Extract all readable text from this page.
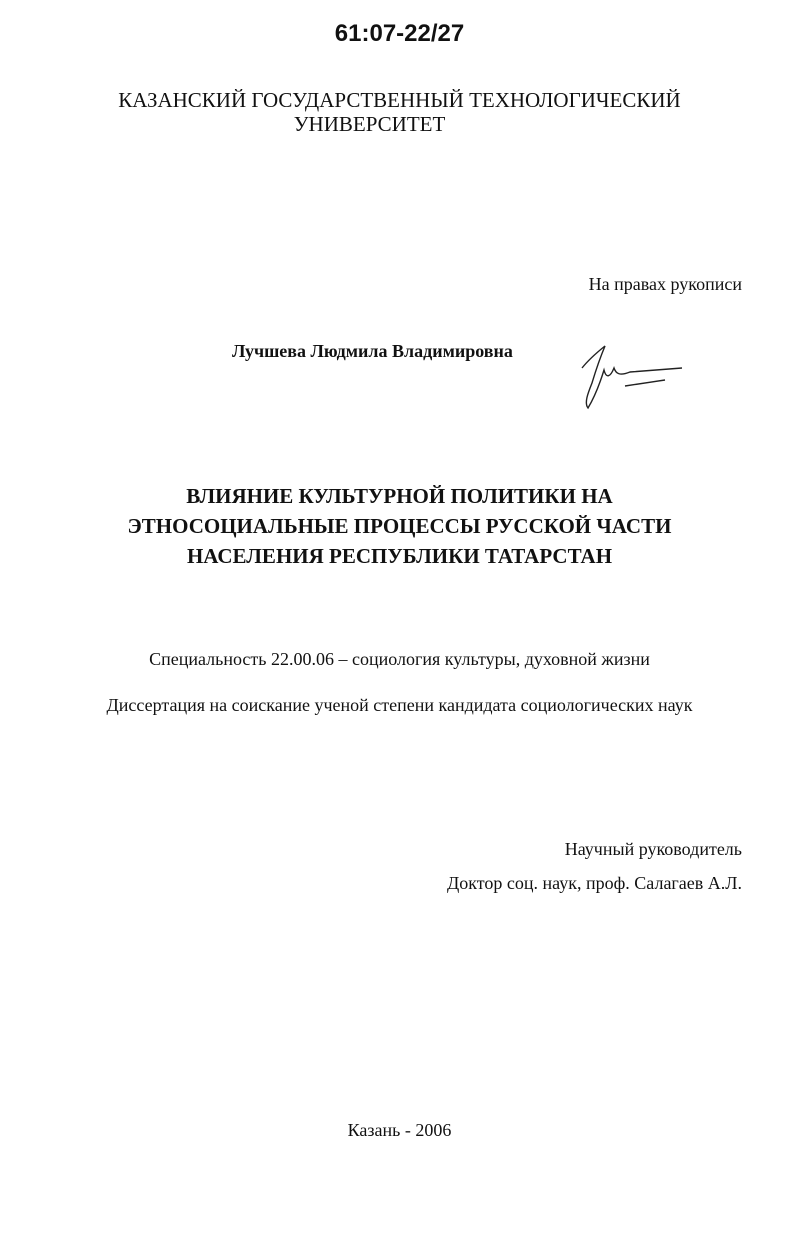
61:07-22/27
КАЗАНСКИЙ ГОСУДАРСТВЕННЫЙ ТЕХНОЛОГИЧЕСКИЙ
УНИВЕРСИТЕТ
На правах рукописи
Лучшева Людмила Владимировна
ВЛИЯНИЕ КУЛЬТУРНОЙ ПОЛИТИКИ НА
ЭТНОСОЦИАЛЬНЫЕ ПРОЦЕССЫ РУССКОЙ ЧАСТИ
НАСЕЛЕНИЯ РЕСПУБЛИКИ ТАТАРСТАН
Специальность 22.00.06 – социология культуры, духовной жизни
Диссертация на соискание ученой степени кандидата социологических наук
Научный руководитель
Доктор соц. наук, проф. Салагаев А.Л.
Казань - 2006
